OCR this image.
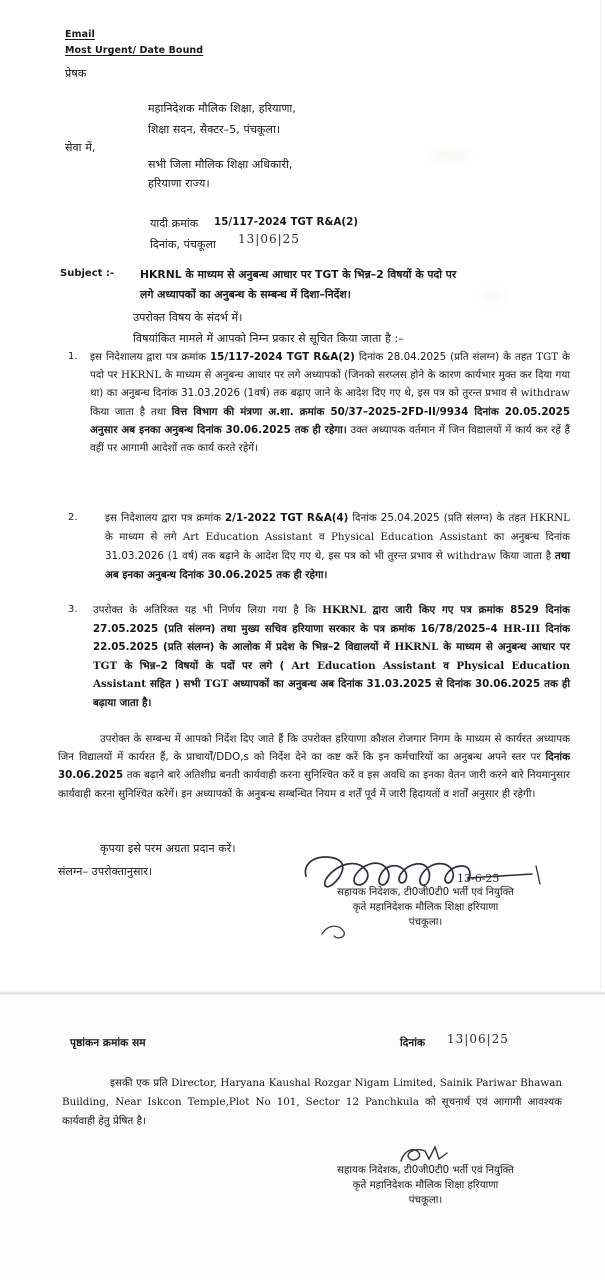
Email
Most Urgent/ Date Bound
प्रेषक
महानिदेशक मौलिक शिक्षा, हरियाणा,
शिक्षा सदन, सैक्टर–5, पंचकूला।
सेवा में,
सभी जिला मौलिक शिक्षा अधिकारी,
हरियाणा राज्य।
यादी क्रमांक 15/117-2024 TGT R&A(2)
दिनांक, पंचकूला 13|06|25
Subject :- HKRNL के माध्यम से अनुबन्ध आधार पर TGT के भिन्न–2 विषयों के पदो पर
लगे अध्यापकों का अनुबन्ध के सम्बन्ध में दिशा–निर्देश।
उपरोक्त विषय के संदर्भ में।
विषयांकित मामले में आपको निम्न प्रकार से सूचित किया जाता है :–
1. इस निदेशालय द्वारा पत्र क्रमांक 15/117-2024 TGT R&A(2) दिनांक 28.04.2025 (प्रति संलग्न) के तहत TGT के पदो पर HKRNL के माध्यम से अनुबन्ध आधार पर लगे अध्यापकों (जिनको सरप्लस होने के कारण कार्यभार मुक्त कर दिया गया था) का अनुबन्ध दिनांक 31.03.2026 (1वर्ष) तक बढ़ाए जाने के आदेश दिए गए थे, इस पत्र को तुरन्त प्रभाव से withdraw किया जाता है तथा वित्त विभाग की मंत्रणा अ.शा. क्रमांक 50/37–2025-2FD-II/9934 दिनांक 20.05.2025 अनुसार अब इनका अनुबन्ध दिनांक 30.06.2025 तक ही रहेगा। उक्त अध्यापक वर्तमान में जिन विद्यालयों में कार्य कर रहें हैं वहीं पर आगामी आदेशों तक कार्य करते रहेगें।
2.	इस निदेशालय द्वारा पत्र क्रमांक 2/1-2022 TGT R&A(4) दिनांक 25.04.2025 (प्रति संलग्न) के तहत HKRNL के माध्यम से लगे Art Education Assistant व Physical Education Assistant का अनुबन्ध दिनांक 31.03.2026 (1 वर्ष) तक बढ़ाने के आदेश दिए गए थे, इस पत्र को भी तुरन्त प्रभाव से withdraw किया जाता है तथा अब इनका अनुबन्ध दिनांक 30.06.2025 तक ही रहेगा।
3. उपरोक्त के अतिरिक्त यह भी निर्णय लिया गया है कि HKRNL द्वारा जारी किए गए पत्र क्रमांक 8529 दिनांक 27.05.2025 (प्रति संलग्न) तथा मुख्य सचिव हरियाणा सरकार के पत्र क्रमांक 16/78/2025–4 HR-III दिनांक 22.05.2025 (प्रति संलग्न) के आलोक में प्रदेश के भिन्न–2 विद्यालयों में HKRNL के माध्यम से अनुबन्ध आधार पर TGT के भिन्न–2 विषयों के पदों पर लगे ( Art Education Assistant व Physical Education Assistant सहित ) सभी TGT अध्यापकों का अनुबन्ध अब दिनांक 31.03.2025 से दिनांक 30.06.2025 तक ही बढ़ाया जाता है।
उपरोक्त के सम्बन्ध में आपको निर्देश दिए जाते हैं कि उपरोक्त हरियाणा कौशल रोजगार निगम के माध्यम से कार्यरत अध्यापक जिन विद्यालयों में कार्यरत हैं, के प्राचार्यों/DDO,s को निर्देश देने का कष्ट करें कि इन कर्मचारियों का अनुबन्ध अपने स्तर पर दिनांक 30.06.2025 तक बढ़ाने बारे अतिशीघ्र बनती कार्यवाही करना सुनिश्चित करें व इस अवधि का इनका वेतन जारी करने बारे नियमानुसार कार्यवाही करना सुनिश्चित करेगें। इन अध्यापकों के अनुबन्ध सम्बन्धित नियम व शर्तें पूर्व में जारी हिदायतों व शर्तों अनुसार ही रहेगी।
कृपया इसे परम अग्रता प्रदान करें।
संलग्न– उपरोक्तानुसार।
13-6-25
सहायक निदेशक, टी0जी0टी0 भर्ती एवं नियुक्ति
कृते महानिदेशक मौलिक शिक्षा हरियाणा
पंचकूला।
पृष्ठांकन क्रमांक सम	दिनांक 13|06|25
इसकी एक प्रति Director, Haryana Kaushal Rozgar Nigam Limited, Sainik Pariwar Bhawan Building, Near Iskcon Temple,Plot No 101, Sector 12 Panchkula को सूचनार्थ एवं आगामी आवश्यक कार्यवाही हेतु प्रेषित है।
सहायक निदेशक, टी0जी0टी0 भर्ती एवं नियुक्ति
कृते महानिदेशक मौलिक शिक्षा हरियाणा
पंचकूला।
